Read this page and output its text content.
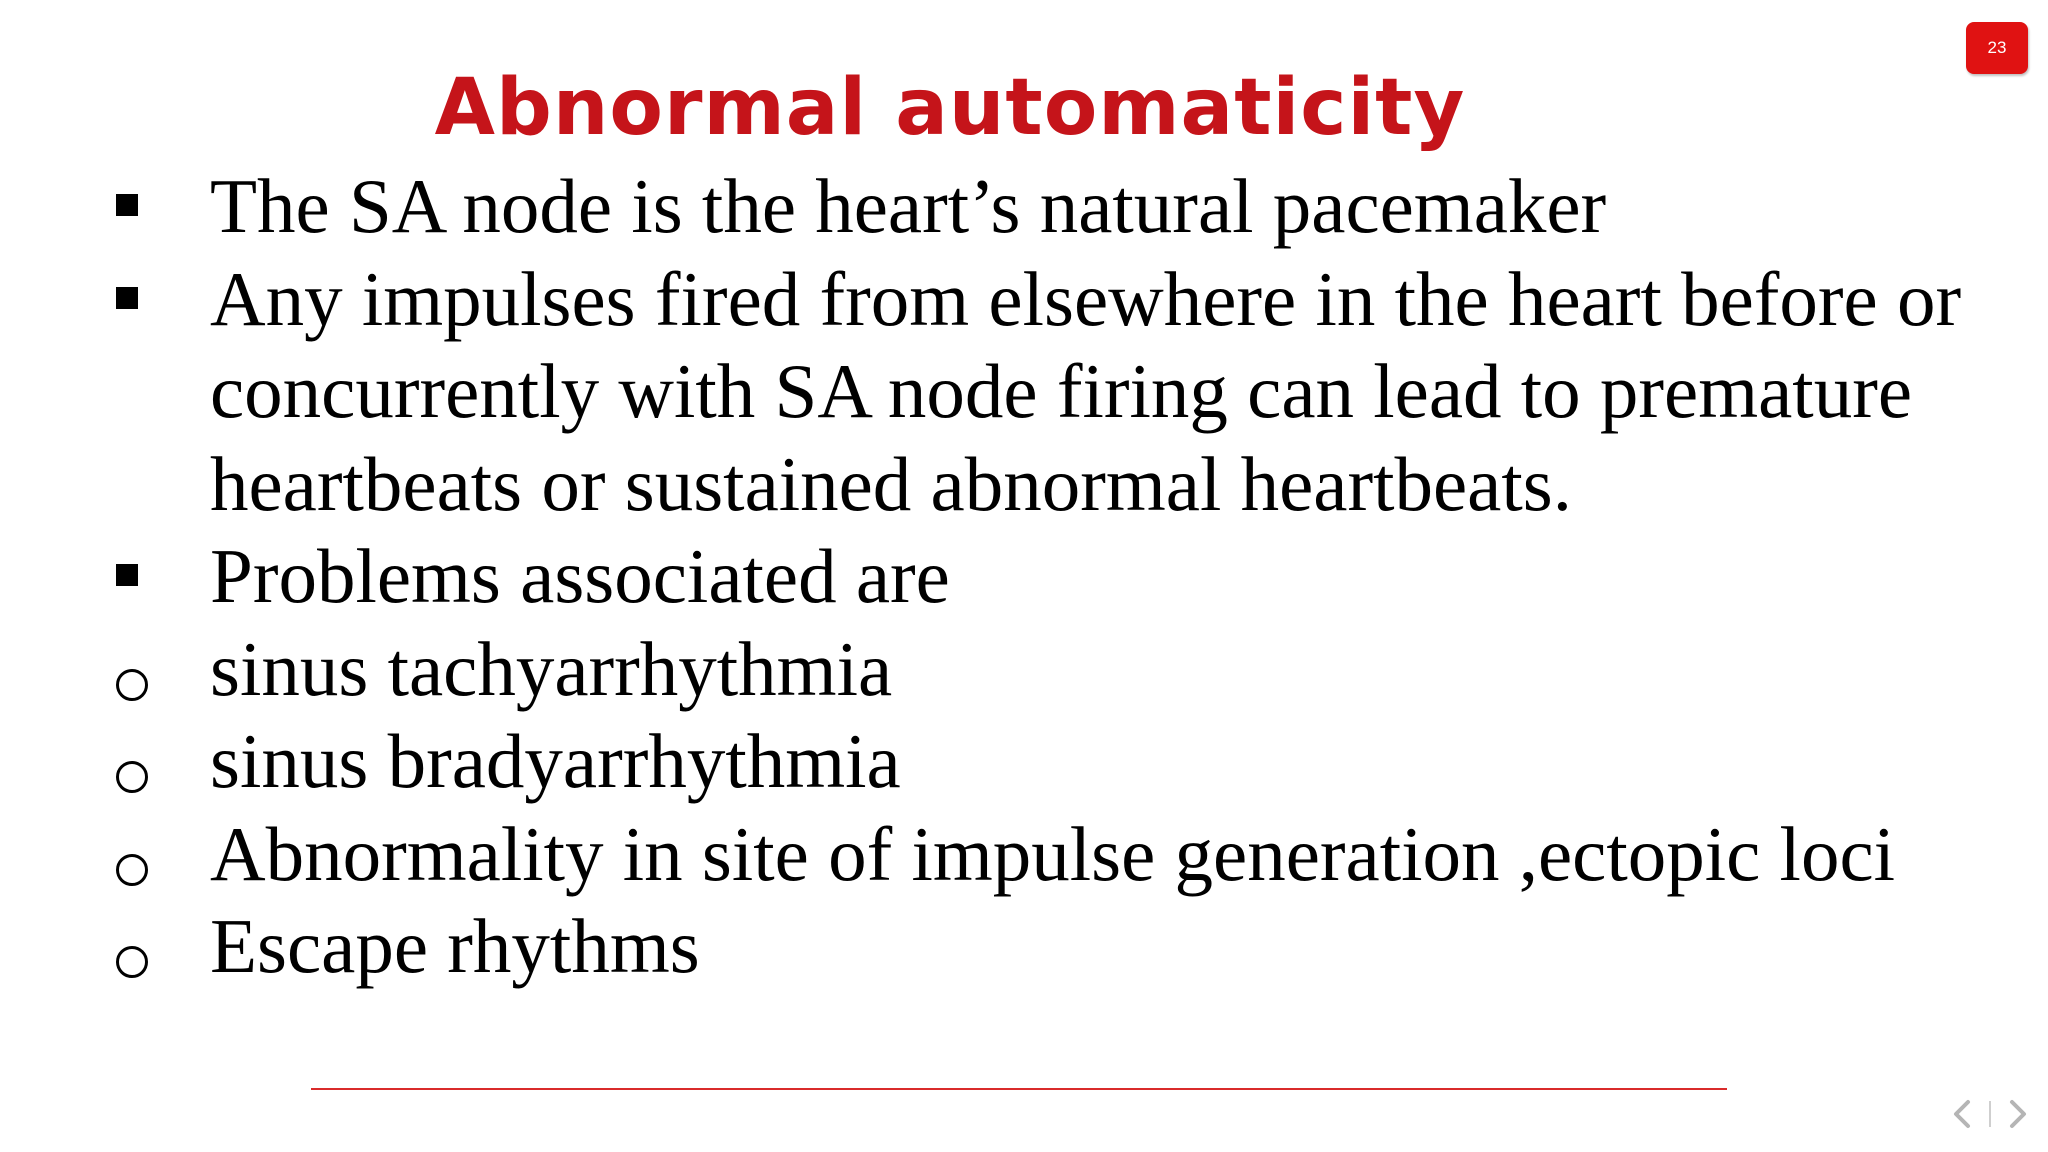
23
Abnormal automaticity
The SA node is the heart’s natural pacemaker
Any impulses fired from elsewhere in the heart before or concurrently with SA node firing can lead to premature heartbeats or sustained abnormal heartbeats.
Problems associated are
sinus tachyarrhythmia
sinus bradyarrhythmia
Abnormality in site of impulse generation ,ectopic loci
Escape rhythms
